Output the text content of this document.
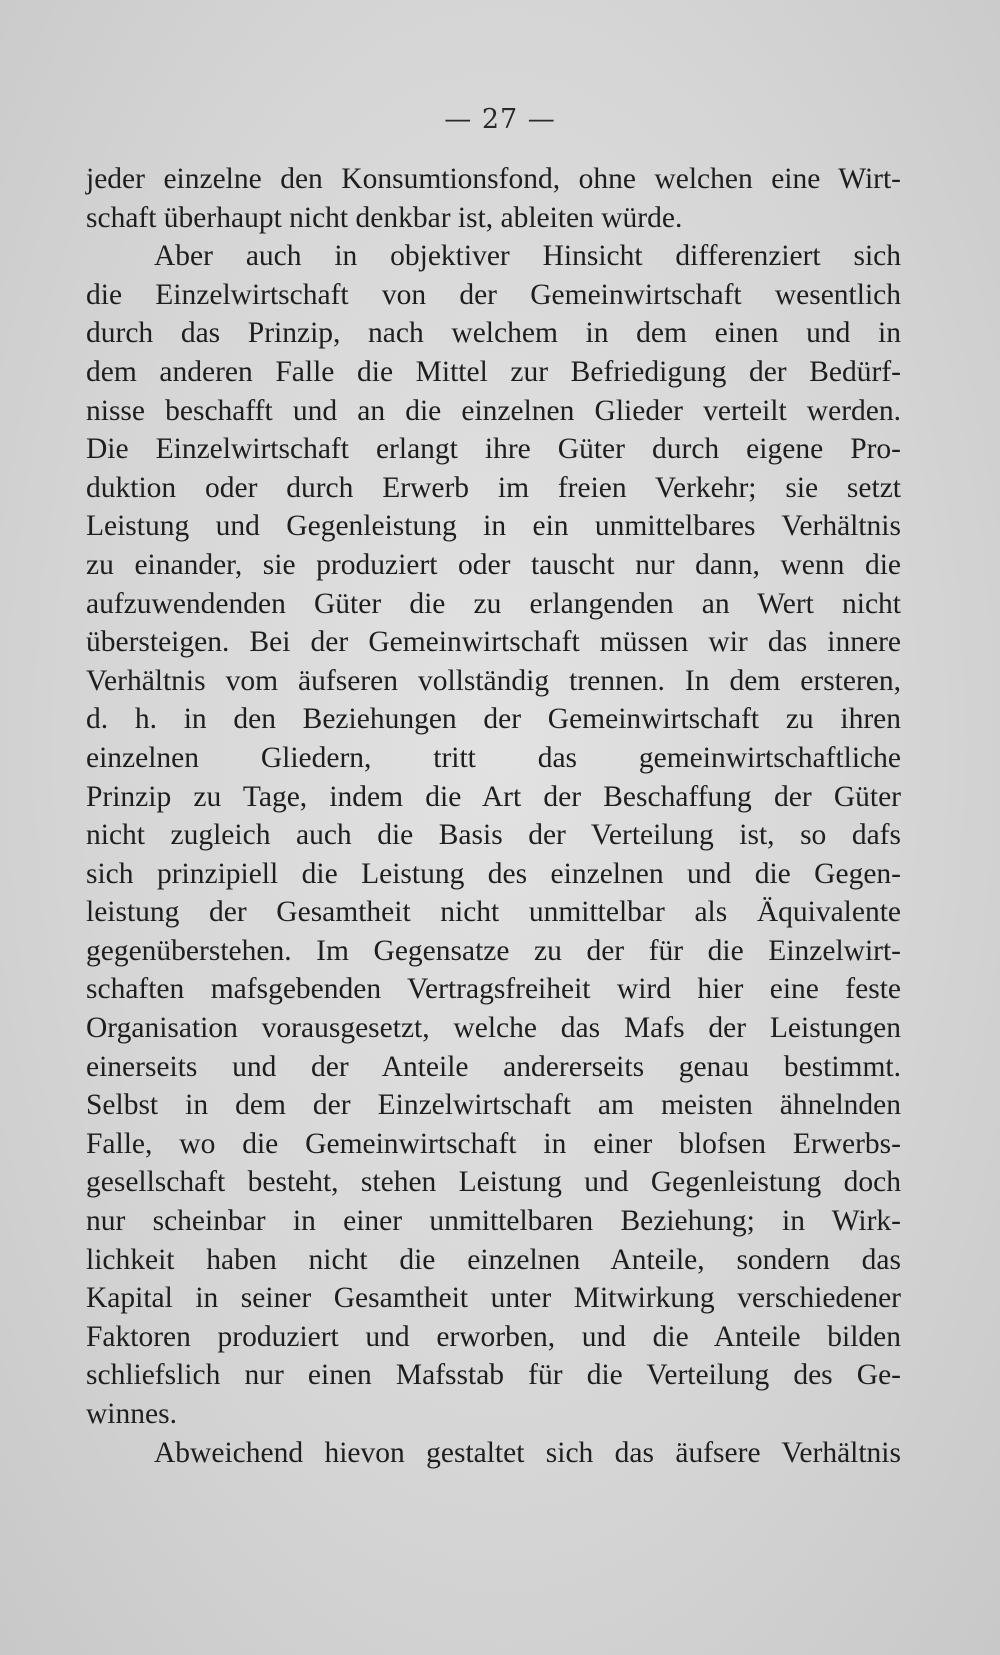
— 27 —
jeder einzelne den Konsumtionsfond, ohne welchen eine Wirt-
schaft überhaupt nicht denkbar ist, ableiten würde.
Aber auch in objektiver Hinsicht differenziert sich
die Einzelwirtschaft von der Gemeinwirtschaft wesentlich
durch das Prinzip, nach welchem in dem einen und in
dem anderen Falle die Mittel zur Befriedigung der Bedürf-
nisse beschafft und an die einzelnen Glieder verteilt werden.
Die Einzelwirtschaft erlangt ihre Güter durch eigene Pro-
duktion oder durch Erwerb im freien Verkehr; sie setzt
Leistung und Gegenleistung in ein unmittelbares Verhältnis
zu einander, sie produziert oder tauscht nur dann, wenn die
aufzuwendenden Güter die zu erlangenden an Wert nicht
übersteigen. Bei der Gemeinwirtschaft müssen wir das innere
Verhältnis vom äufseren vollständig trennen. In dem ersteren,
d. h. in den Beziehungen der Gemeinwirtschaft zu ihren
einzelnen Gliedern, tritt das gemeinwirtschaftliche
Prinzip zu Tage, indem die Art der Beschaffung der Güter
nicht zugleich auch die Basis der Verteilung ist, so dafs
sich prinzipiell die Leistung des einzelnen und die Gegen-
leistung der Gesamtheit nicht unmittelbar als Äquivalente
gegenüberstehen. Im Gegensatze zu der für die Einzelwirt-
schaften mafsgebenden Vertragsfreiheit wird hier eine feste
Organisation vorausgesetzt, welche das Mafs der Leistungen
einerseits und der Anteile andererseits genau bestimmt.
Selbst in dem der Einzelwirtschaft am meisten ähnelnden
Falle, wo die Gemeinwirtschaft in einer blofsen Erwerbs-
gesellschaft besteht, stehen Leistung und Gegenleistung doch
nur scheinbar in einer unmittelbaren Beziehung; in Wirk-
lichkeit haben nicht die einzelnen Anteile, sondern das
Kapital in seiner Gesamtheit unter Mitwirkung verschiedener
Faktoren produziert und erworben, und die Anteile bilden
schliefslich nur einen Mafsstab für die Verteilung des Ge-
winnes.
Abweichend hievon gestaltet sich das äufsere Verhältnis
